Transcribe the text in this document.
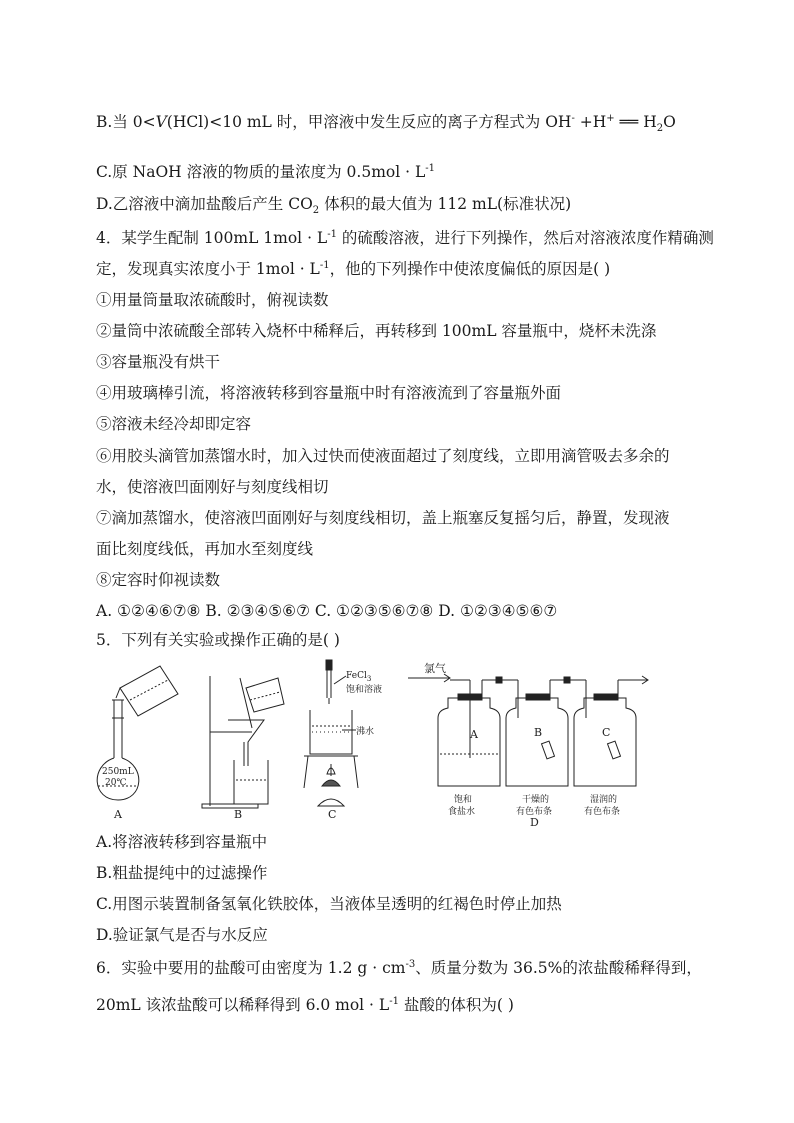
B.当 0<V(HCl)<10 mL 时，甲溶液中发生反应的离子方程式为 OH- +H+ ══ $H_2O$
C.原 NaOH 溶液的物质的量浓度为 $0.5mol \cdot L^{-1}$
D.乙溶液中滴加盐酸后产生 $CO_2$ 体积的最大值为 112 mL(标准状况)
4．某学生配制 100mL $1mol \cdot L^{-1}$ 的硫酸溶液，进行下列操作，然后对溶液浓度作精确测
定，发现真实浓度小于 $1mol \cdot L^{-1}$，他的下列操作中使浓度偏低的原因是( )
①用量筒量取浓硫酸时，俯视读数
②量筒中浓硫酸全部转入烧杯中稀释后，再转移到 100mL 容量瓶中，烧杯未洗涤
③容量瓶没有烘干
④用玻璃棒引流，将溶液转移到容量瓶中时有溶液流到了容量瓶外面
⑤溶液未经冷却即定容
⑥用胶头滴管加蒸馏水时，加入过快而使液面超过了刻度线，立即用滴管吸去多余的
水，使溶液凹面刚好与刻度线相切
⑦滴加蒸馏水，使溶液凹面刚好与刻度线相切，盖上瓶塞反复摇匀后，静置，发现液
面比刻度线低，再加水至刻度线
⑧定容时仰视读数
A. ①②④⑥⑦⑧ B. ②③④⑤⑥⑦ C. ①②③⑤⑥⑦⑧ D. ①②③④⑤⑥⑦
5．下列有关实验或操作正确的是( )
250mL
20℃
A	B
FeCl$_3$
饱和溶液
沸水
C
氯气
A	B	C
饱和
食盐水
干燥的
有色布条
湿润的
有色布条
D
A.将溶液转移到容量瓶中
B.粗盐提纯中的过滤操作
C.用图示装置制备氢氧化铁胶体，当液体呈透明的红褐色时停止加热
D.验证氯气是否与水反应
6．实验中要用的盐酸可由密度为 1.2 $g \cdot cm^{-3}$、质量分数为 36.5%的浓盐酸稀释得到，
20mL 该浓盐酸可以稀释得到 6.0 mol · $L^{-1}$ 盐酸的体积为( )
